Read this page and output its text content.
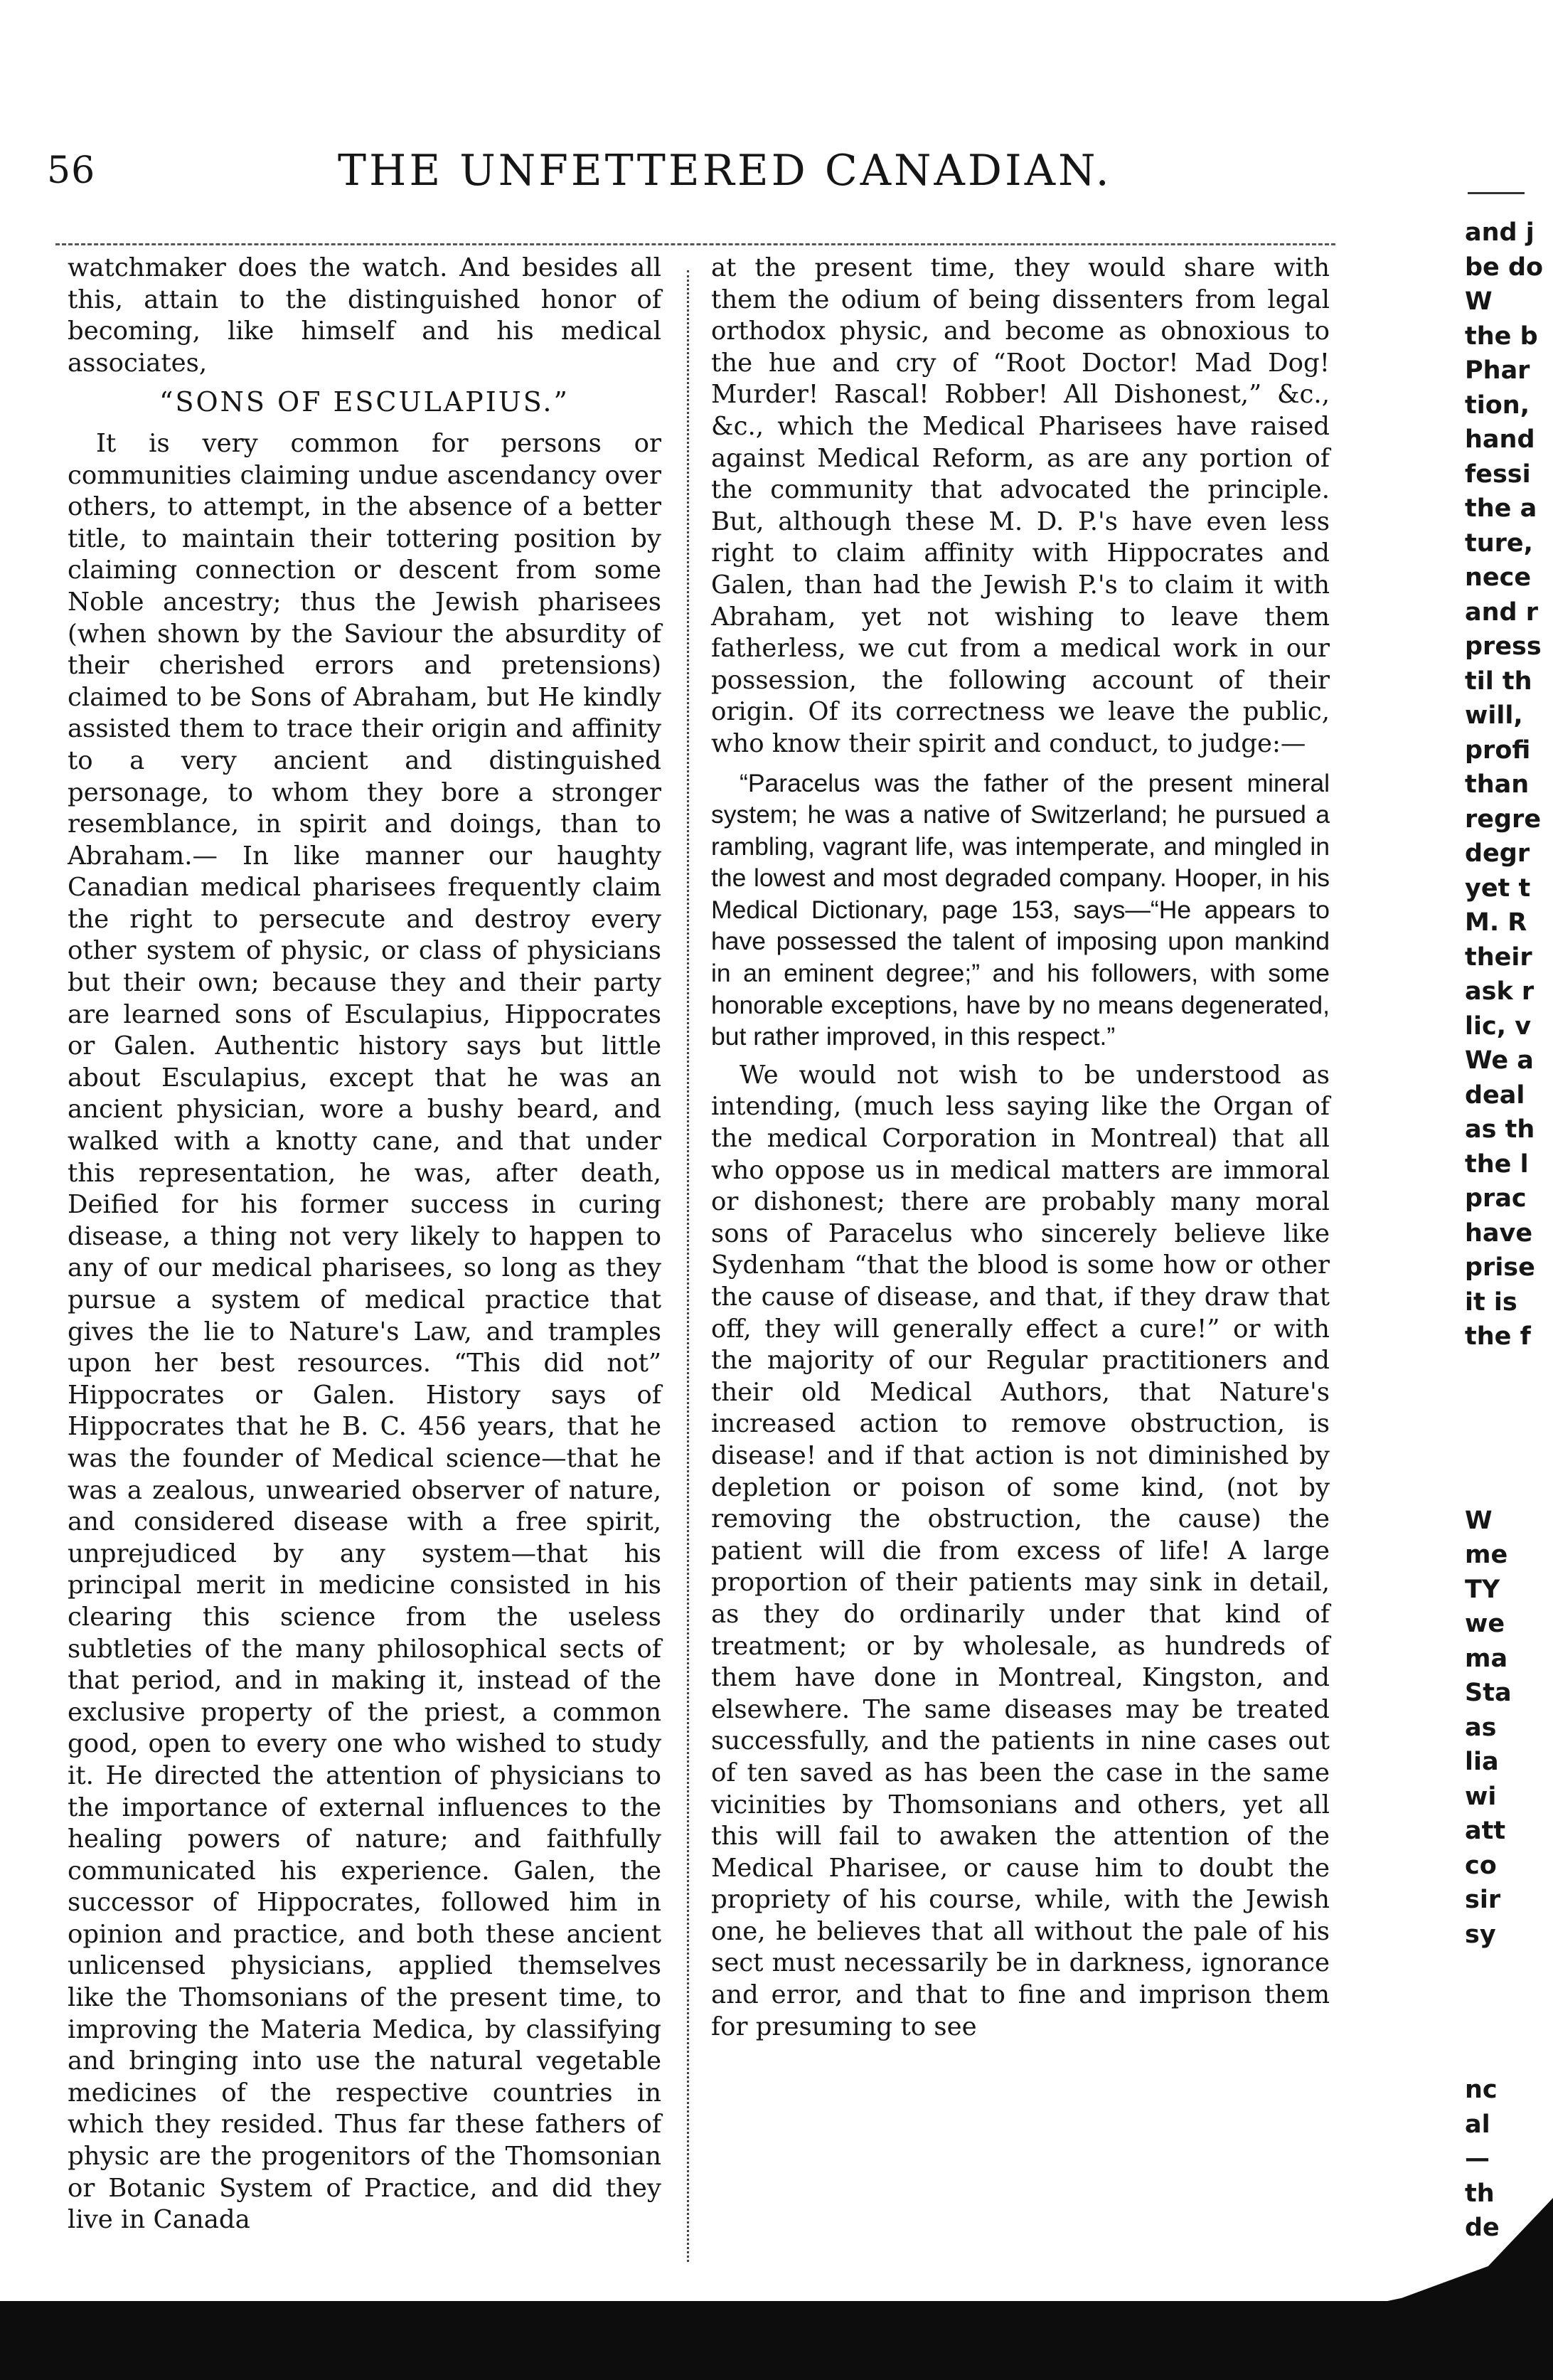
56	THE UNFETTERED CANADIAN.

watchmaker does the watch. And besides all this, attain to the distinguished honor of becoming, like himself and his medical associates,

“SONS OF ESCULAPIUS.”

It is very common for persons or communities claiming undue ascendancy over others, to attempt, in the absence of a better title, to maintain their tottering position by claiming connection or descent from some Noble ancestry; thus the Jewish pharisees (when shown by the Saviour the absurdity of their cherished errors and pretensions) claimed to be Sons of Abraham, but He kindly assisted them to trace their origin and affinity to a very ancient and distinguished personage, to whom they bore a stronger resemblance, in spirit and doings, than to Abraham.— In like manner our haughty Canadian medical pharisees frequently claim the right to persecute and destroy every other system of physic, or class of physicians but their own; because they and their party are learned sons of Esculapius, Hippocrates or Galen. Authentic history says but little about Esculapius, except that he was an ancient physician, wore a bushy beard, and walked with a knotty cane, and that under this representation, he was, after death, Deified for his former success in curing disease, a thing not very likely to happen to any of our medical pharisees, so long as they pursue a system of medical practice that gives the lie to Nature's Law, and tramples upon her best resources. “This did not” Hippocrates or Galen. History says of Hippocrates that he B. C. 456 years, that he was the founder of Medical science—that he was a zealous, unwearied observer of nature, and considered disease with a free spirit, unprejudiced by any system—that his principal merit in medicine consisted in his clearing this science from the useless subtleties of the many philosophical sects of that period, and in making it, instead of the exclusive property of the priest, a common good, open to every one who wished to study it. He directed the attention of physicians to the importance of external influences to the healing powers of nature; and faithfully communicated his experience. Galen, the successor of Hippocrates, followed him in opinion and practice, and both these ancient unlicensed physicians, applied themselves like the Thomsonians of the present time, to improving the Materia Medica, by classifying and bringing into use the natural vegetable medicines of the respective countries in which they resided. Thus far these fathers of physic are the progenitors of the Thomsonian or Botanic System of Practice, and did they live in Canada

at the present time, they would share with them the odium of being dissenters from legal orthodox physic, and become as obnoxious to the hue and cry of “Root Doctor! Mad Dog! Murder! Rascal! Robber! All Dishonest,” &c., &c., which the Medical Pharisees have raised against Medical Reform, as are any portion of the community that advocated the principle. But, although these M. D. P.'s have even less right to claim affinity with Hippocrates and Galen, than had the Jewish P.'s to claim it with Abraham, yet not wishing to leave them fatherless, we cut from a medical work in our possession, the following account of their origin. Of its correctness we leave the public, who know their spirit and conduct, to judge:—

“Paracelus was the father of the present mineral system; he was a native of Switzerland; he pursued a rambling, vagrant life, was intemperate, and mingled in the lowest and most degraded company. Hooper, in his Medical Dictionary, page 153, says—“He appears to have possessed the talent of imposing upon mankind in an eminent degree;” and his followers, with some honorable exceptions, have by no means degenerated, but rather improved, in this respect.”

We would not wish to be understood as intending, (much less saying like the Organ of the medical Corporation in Montreal) that all who oppose us in medical matters are immoral or dishonest; there are probably many moral sons of Paracelus who sincerely believe like Sydenham “that the blood is some how or other the cause of disease, and that, if they draw that off, they will generally effect a cure!” or with the majority of our Regular practitioners and their old Medical Authors, that Nature's increased action to remove obstruction, is disease! and if that action is not diminished by depletion or poison of some kind, (not by removing the obstruction, the cause) the patient will die from excess of life! A large proportion of their patients may sink in detail, as they do ordinarily under that kind of treatment; or by wholesale, as hundreds of them have done in Montreal, Kingston, and elsewhere. The same diseases may be treated successfully, and the patients in nine cases out of ten saved as has been the case in the same vicinities by Thomsonians and others, yet all this will fail to awaken the attention of the Medical Pharisee, or cause him to doubt the propriety of his course, while, with the Jewish one, he believes that all without the pale of his sect must necessarily be in darkness, ignorance and error, and that to fine and imprison them for presuming to see

and j
be do
W
the b
Phar
tion,
hand
fessi
the a
ture,
nece
and r
press
til th
will,
profi
than
regre
degr
yet t
M. R
their
ask r
lic, v
We a
deal
as th
the l
prac
have
prise
it is
the f
W
me
TY
we
ma
Sta
as
lia
wi
att
co
sir
sy
nc
al
—
th
de
